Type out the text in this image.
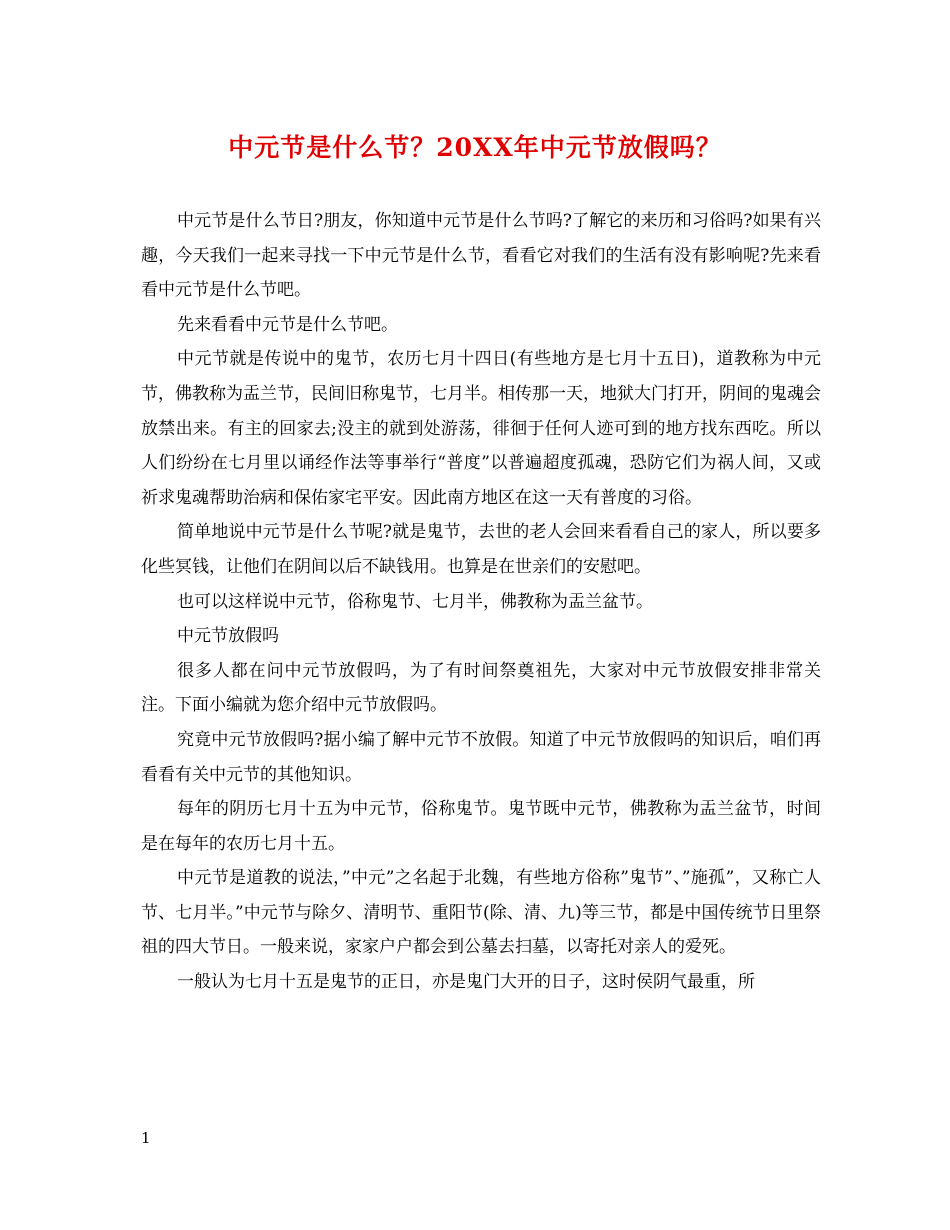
中元节是什么节？20XX年中元节放假吗？

中元节是什么节日?朋友，你知道中元节是什么节吗?了解它的来历和习俗吗?如果有兴趣，今天我们一起来寻找一下中元节是什么节，看看它对我们的生活有没有影响呢?先来看看中元节是什么节吧。

先来看看中元节是什么节吧。

中元节就是传说中的鬼节，农历七月十四日(有些地方是七月十五日)，道教称为中元节，佛教称为盂兰节，民间旧称鬼节，七月半。相传那一天，地狱大门打开，阴间的鬼魂会放禁出来。有主的回家去;没主的就到处游荡，徘徊于任何人迹可到的地方找东西吃。所以人们纷纷在七月里以诵经作法等事举行“普度”以普遍超度孤魂，恐防它们为祸人间，又或祈求鬼魂帮助治病和保佑家宅平安。因此南方地区在这一天有普度的习俗。

简单地说中元节是什么节呢?就是鬼节，去世的老人会回来看看自己的家人，所以要多化些冥钱，让他们在阴间以后不缺钱用。也算是在世亲们的安慰吧。

也可以这样说中元节，俗称鬼节、七月半，佛教称为盂兰盆节。

中元节放假吗

很多人都在问中元节放假吗，为了有时间祭奠祖先，大家对中元节放假安排非常关注。下面小编就为您介绍中元节放假吗。

究竟中元节放假吗?据小编了解中元节不放假。知道了中元节放假吗的知识后，咱们再看看有关中元节的其他知识。

每年的阴历七月十五为中元节，俗称鬼节。鬼节既中元节，佛教称为盂兰盆节，时间是在每年的农历七月十五。

中元节是道教的说法，”中元”之名起于北魏，有些地方俗称”鬼节”、”施孤”，又称亡人节、七月半。”中元节与除夕、清明节、重阳节(除、清、九)等三节，都是中国传统节日里祭祖的四大节日。一般来说，家家户户都会到公墓去扫墓，以寄托对亲人的爱死。

一般认为七月十五是鬼节的正日，亦是鬼门大开的日子，这时侯阴气最重，所

1
